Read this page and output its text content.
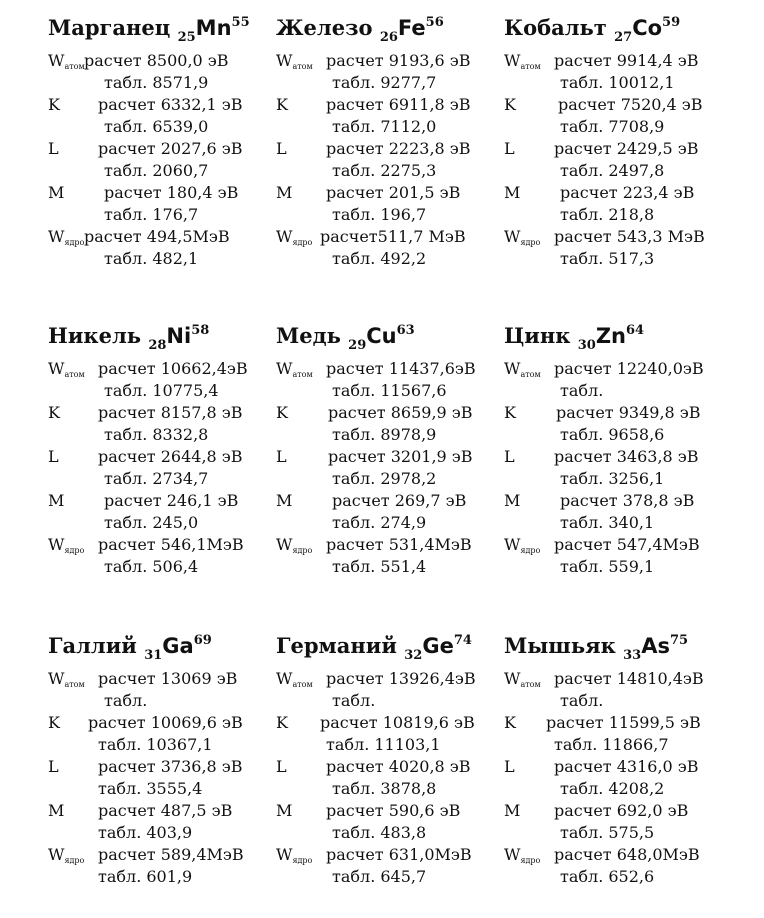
Марганец $_{25}Mn^{55}$
$W_{атом}$ расчет 8500,0 эВ
табл. 8571,9
K расчет 6332,1 эВ
табл. 6539,0
L расчет 2027,6 эВ
табл. 2060,7
M расчет 180,4 эВ
табл. 176,7
$W_{ядро}$ расчет 494,5МэВ
табл. 482,1
Железо $_{26}Fe^{56}$
$W_{атом}$ расчет 9193,6 эВ
табл. 9277,7
K расчет 6911,8 эВ
табл. 7112,0
L расчет 2223,8 эВ
табл. 2275,3
M расчет 201,5 эВ
табл. 196,7
$W_{ядро}$ расчет511,7 МэВ
табл. 492,2
Кобальт $_{27}Co^{59}$
$W_{атом}$ расчет 9914,4 эВ
табл. 10012,1
K	расчет 7520,4 эВ
табл. 7708,9
L расчет 2429,5 эВ
табл. 2497,8
M расчет 223,4 эВ
табл. 218,8
$W_{ядро}$ расчет 543,3 МэВ
табл. 517,3
Никель $_{28}Ni^{58}$
$W_{атом}$ расчет 10662,4эВ
табл. 10775,4
K расчет 8157,8 эВ
табл. 8332,8
L расчет 2644,8 эВ
табл. 2734,7
M расчет 246,1 эВ
табл. 245,0
$W_{ядро}$ расчет 546,1МэВ
табл. 506,4
Медь $_{29}Cu^{63}$
$W_{атом}$ расчет 11437,6эВ
табл. 11567,6
K	расчет 8659,9 эВ
табл. 8978,9
L	расчет 3201,9 эВ
табл. 2978,2
M расчет 269,7 эВ
табл. 274,9
$W_{ядро}$ расчет 531,4МэВ
табл. 551,4
Цинк $_{30}Zn^{64}$
$W_{атом}$ расчет 12240,0эВ
табл.
K	расчет 9349,8 эВ
табл. 9658,6
L расчет 3463,8 эВ
табл. 3256,1
M расчет 378,8 эВ
табл. 340,1
$W_{ядро}$ расчет 547,4МэВ
табл. 559,1
Галлий $_{31}Ga^{69}$
$W_{атом}$ расчет 13069 эВ
табл.
K расчет 10069,6 эВ
табл. 10367,1
L расчет 3736,8 эВ
табл. 3555,4
M расчет 487,5 эВ
табл. 403,9
$W_{ядро}$ расчет 589,4МэВ
табл. 601,9
Германий $_{32}Ge^{74}$
$W_{атом}$ расчет 13926,4эВ
табл.
K расчет 10819,6 эВ
табл. 11103,1
L расчет 4020,8 эВ
табл. 3878,8
M расчет 590,6 эВ
табл. 483,8
$W_{ядро}$ расчет 631,0МэВ
табл. 645,7
Мышьяк $_{33}As^{75}$
$W_{атом}$ расчет 14810,4эВ
табл.
K расчет 11599,5 эВ
табл. 11866,7
L расчет 4316,0 эВ
табл. 4208,2
M расчет 692,0 эВ
табл. 575,5
$W_{ядро}$ расчет 648,0МэВ
табл. 652,6
